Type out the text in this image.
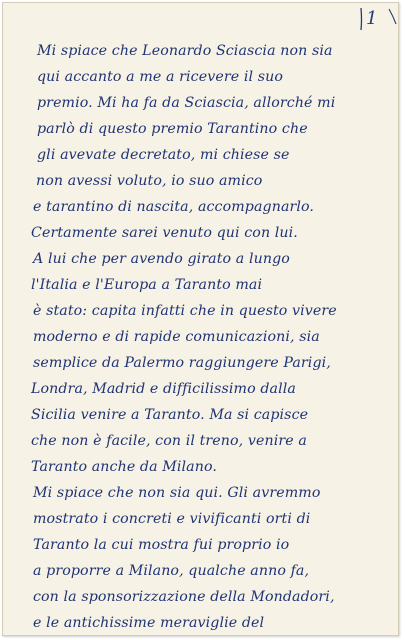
1
Mi spiace che Leonardo Sciascia non sia
qui accanto a me a ricevere il suo
premio. Mi ha fa da Sciascia, allorché mi
parlò di questo premio Tarantino che
gli avevate decretato, mi chiese se
non avessi voluto, io suo amico
e tarantino di nascita, accompagnarlo.
Certamente sarei venuto qui con lui.
A lui che per avendo girato a lungo
l'Italia e l'Europa a Taranto mai
è stato: capita infatti che in questo vivere
moderno e di rapide comunicazioni, sia
semplice da Palermo raggiungere Parigi,
Londra, Madrid e difficilissimo dalla
Sicilia venire a Taranto. Ma si capisce
che non è facile, con il treno, venire a
Taranto anche da Milano.
Mi spiace che non sia qui. Gli avremmo
mostrato i concreti e vivificanti orti di
Taranto la cui mostra fui proprio io
a proporre a Milano, qualche anno fa,
con la sponsorizzazione della Mondadori,
e le antichissime meraviglie del
